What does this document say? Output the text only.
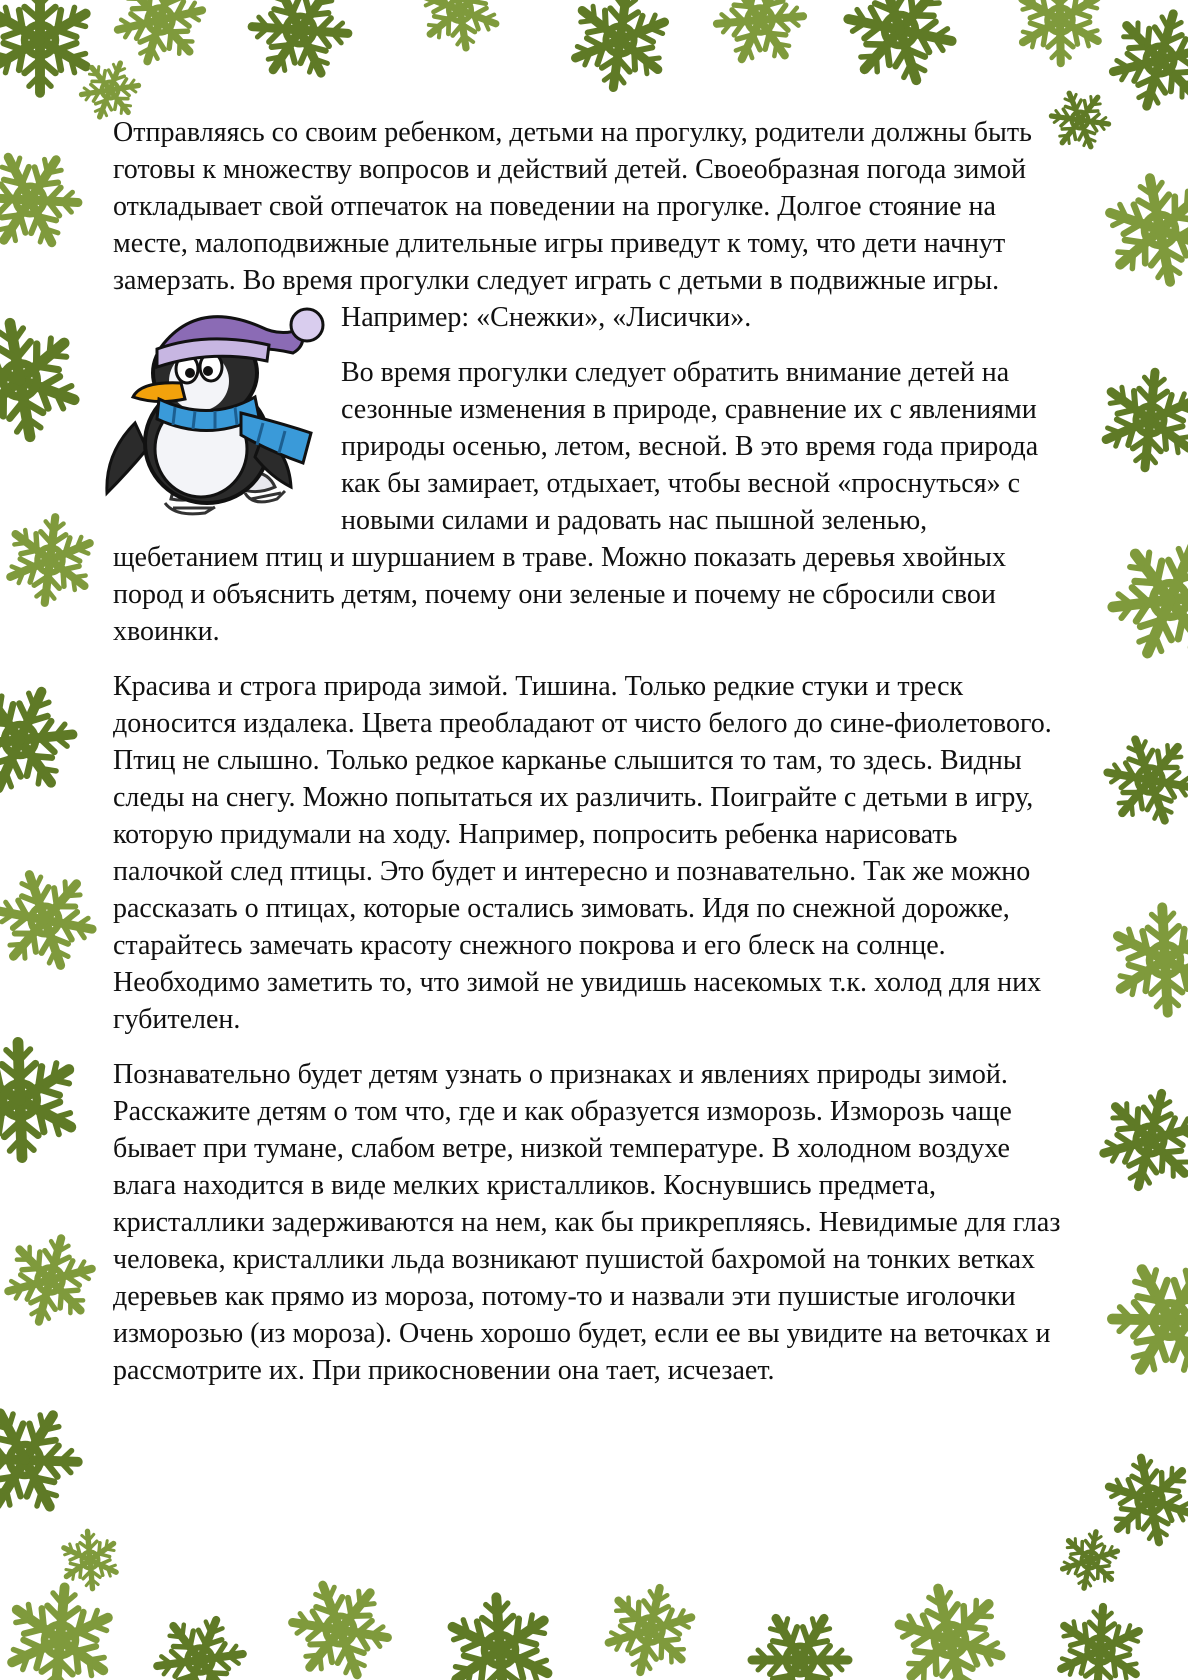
Отправляясь со своим ребенком, детьми на прогулку, родители должны быть готовы к множеству вопросов и действий детей. Своеобразная погода зимой откладывает свой отпечаток на поведении на прогулке. Долгое стояние на месте, малоподвижные длительные игры приведут к тому, что дети начнут замерзать. Во время прогулки следует играть с детьми в подвижные игры.

Например: «Снежки», «Лисички».

Во время прогулки следует обратить внимание детей на сезонные изменения в природе, сравнение их с явлениями природы осенью, летом, весной. В это время года природа как бы замирает, отдыхает, чтобы весной «проснуться» с новыми силами и радовать нас пышной зеленью, щебетанием птиц и шуршанием в траве. Можно показать деревья хвойных пород и объяснить детям, почему они зеленые и почему не сбросили свои хвоинки.

Красива и строга природа зимой. Тишина. Только редкие стуки и треск доносится издалека. Цвета преобладают от чисто белого до сине-фиолетового. Птиц не слышно. Только редкое карканье слышится то там, то здесь. Видны следы на снегу. Можно попытаться их различить. Поиграйте с детьми в игру, которую придумали на ходу. Например, попросить ребенка нарисовать палочкой след птицы. Это будет и интересно и познавательно. Так же можно рассказать о птицах, которые остались зимовать. Идя по снежной дорожке, старайтесь замечать красоту снежного покрова и его блеск на солнце. Необходимо заметить то, что зимой не увидишь насекомых т.к. холод для них губителен.

Познавательно будет детям узнать о признаках и явлениях природы зимой. Расскажите детям о том что, где и как образуется изморозь. Изморозь чаще бывает при тумане, слабом ветре, низкой температуре. В холодном воздухе влага находится в виде мелких кристалликов. Коснувшись предмета, кристаллики задерживаются на нем, как бы прикрепляясь. Невидимые для глаз человека, кристаллики льда возникают пушистой бахромой на тонких ветках деревьев как прямо из мороза, потому-то и назвали эти пушистые иголочки изморозью (из мороза). Очень хорошо будет, если ее вы увидите на веточках и рассмотрите их. При прикосновении она тает, исчезает.
